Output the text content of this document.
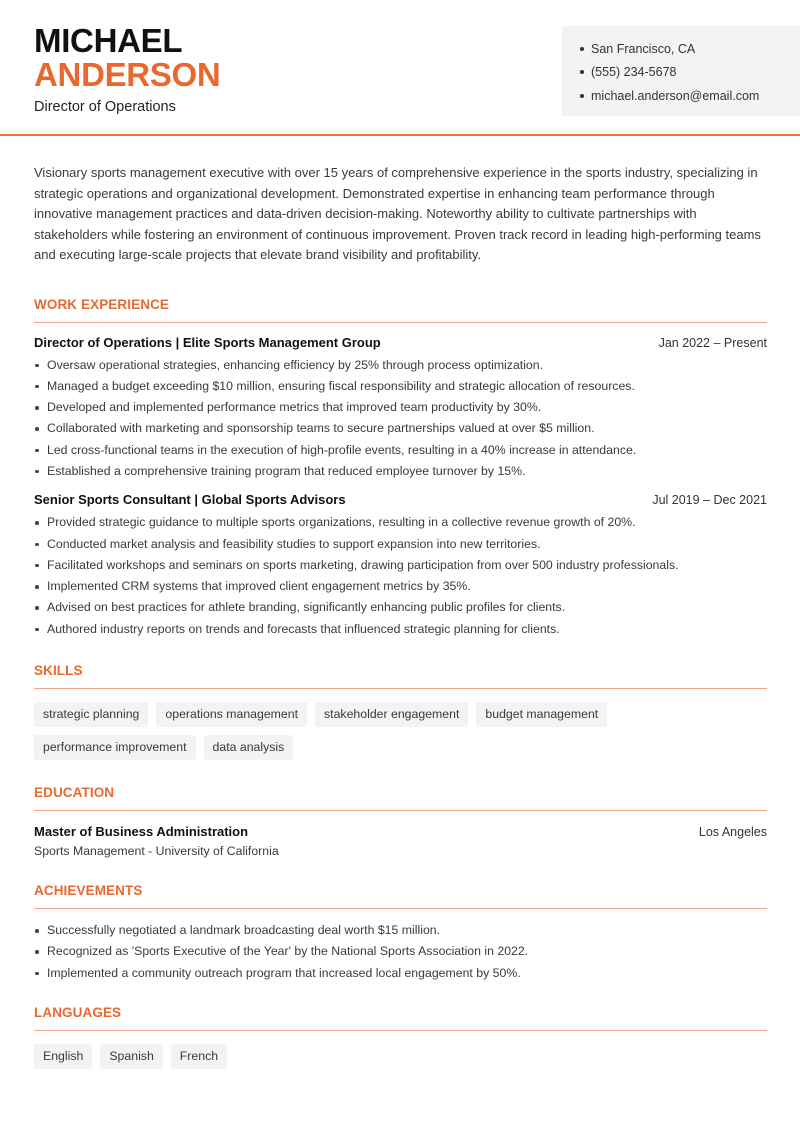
MICHAEL
ANDERSON
Director of Operations
San Francisco, CA
(555) 234-5678
michael.anderson@email.com

Visionary sports management executive with over 15 years of comprehensive experience in the sports industry, specializing in strategic operations and organizational development. Demonstrated expertise in enhancing team performance through innovative management practices and data-driven decision-making. Noteworthy ability to cultivate partnerships with stakeholders while fostering an environment of continuous improvement. Proven track record in leading high-performing teams and executing large-scale projects that elevate brand visibility and profitability.

WORK EXPERIENCE
Director of Operations | Elite Sports Management Group	Jan 2022 – Present
Oversaw operational strategies, enhancing efficiency by 25% through process optimization.
Managed a budget exceeding $10 million, ensuring fiscal responsibility and strategic allocation of resources.
Developed and implemented performance metrics that improved team productivity by 30%.
Collaborated with marketing and sponsorship teams to secure partnerships valued at over $5 million.
Led cross-functional teams in the execution of high-profile events, resulting in a 40% increase in attendance.
Established a comprehensive training program that reduced employee turnover by 15%.
Senior Sports Consultant | Global Sports Advisors	Jul 2019 – Dec 2021
Provided strategic guidance to multiple sports organizations, resulting in a collective revenue growth of 20%.
Conducted market analysis and feasibility studies to support expansion into new territories.
Facilitated workshops and seminars on sports marketing, drawing participation from over 500 industry professionals.
Implemented CRM systems that improved client engagement metrics by 35%.
Advised on best practices for athlete branding, significantly enhancing public profiles for clients.
Authored industry reports on trends and forecasts that influenced strategic planning for clients.
SKILLS
strategic planning	operations management	stakeholder engagement	budget management
performance improvement	data analysis
EDUCATION
Master of Business Administration	Los Angeles
Sports Management - University of California
ACHIEVEMENTS
Successfully negotiated a landmark broadcasting deal worth $15 million.
Recognized as 'Sports Executive of the Year' by the National Sports Association in 2022.
Implemented a community outreach program that increased local engagement by 50%.
LANGUAGES
English	Spanish	French
